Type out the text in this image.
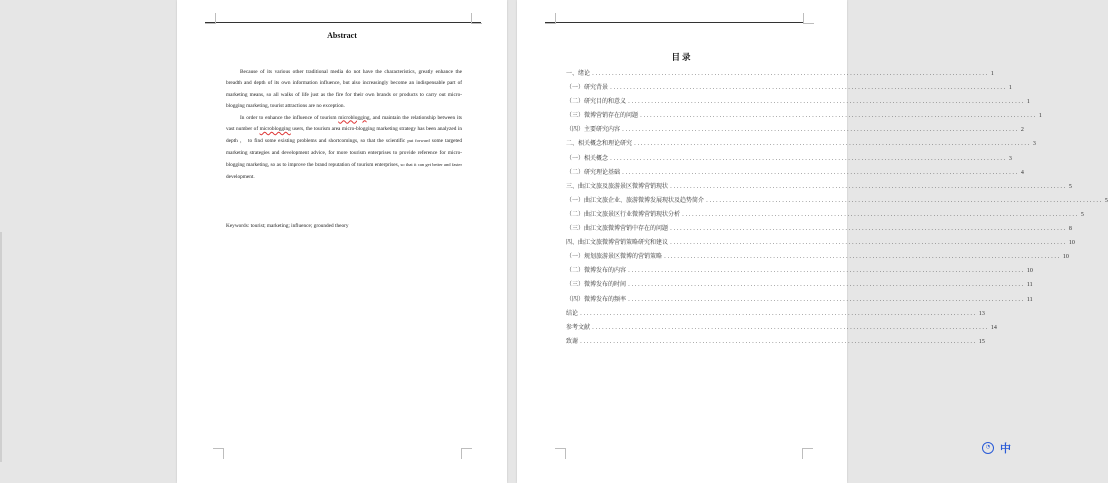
Abstract

Because of its various other traditional media do not have the characteristics, greatly enhance the breadth and depth of its own information influence, but also increasingly become an indispensable part of marketing means, so all walks of life just as the fire for their own brands or products to carry out micro-blogging marketing, tourist attractions are no exception.

In order to enhance the influence of tourism microblogging, and maintain the relationship between its vast number of microblogging users, the tourism area micro-blogging marketing strategy has been analyzed in depth ， to find some existing problems and shortcomings, so that the scientific put forward some targeted marketing strategies and development advice, for more tourism enterprises to provide reference for micro-blogging marketing, so as to improve the brand reputation of tourism enterprises, so that it can get better and faster development.

Keywords: tourist; marketing; influence; grounded theory
目录
一、绪论 ........................................................................................................................ 1
（一）研究背景 ........................................................................................................................ 1
（二）研究目的和意义 ........................................................................................................................ 1
（三）微博营销存在的问题 ........................................................................................................................ 1
（四）主要研究内容 ........................................................................................................................ 2
二、相关概念和理论研究 ........................................................................................................................ 3
（一）相关概念 ........................................................................................................................ 3
（二）研究理论基础 ........................................................................................................................ 4
三、曲江文旅及旅游景区微博营销现状 ........................................................................................................................ 5
（一）曲江文旅企业、旅游微博发展现状及趋势简介 ........................................................................................................................ 5
（二）曲江文旅景区行业微博营销现状分析 ........................................................................................................................ 5
（三）曲江文旅微博营销中存在的问题 ........................................................................................................................ 8
四、曲江文旅微博营销策略研究和建议 ........................................................................................................................ 10
（一）规划旅游景区微博的营销策略 ........................................................................................................................ 10
（二）微博发布的内容 ........................................................................................................................ 10
（三）微博发布的时间 ........................................................................................................................ 11
（四）微博发布的频率 ........................................................................................................................ 11
结论 ........................................................................................................................ 13
参考文献 ........................................................................................................................ 14
致谢 ........................................................................................................................ 15
◔ 中
